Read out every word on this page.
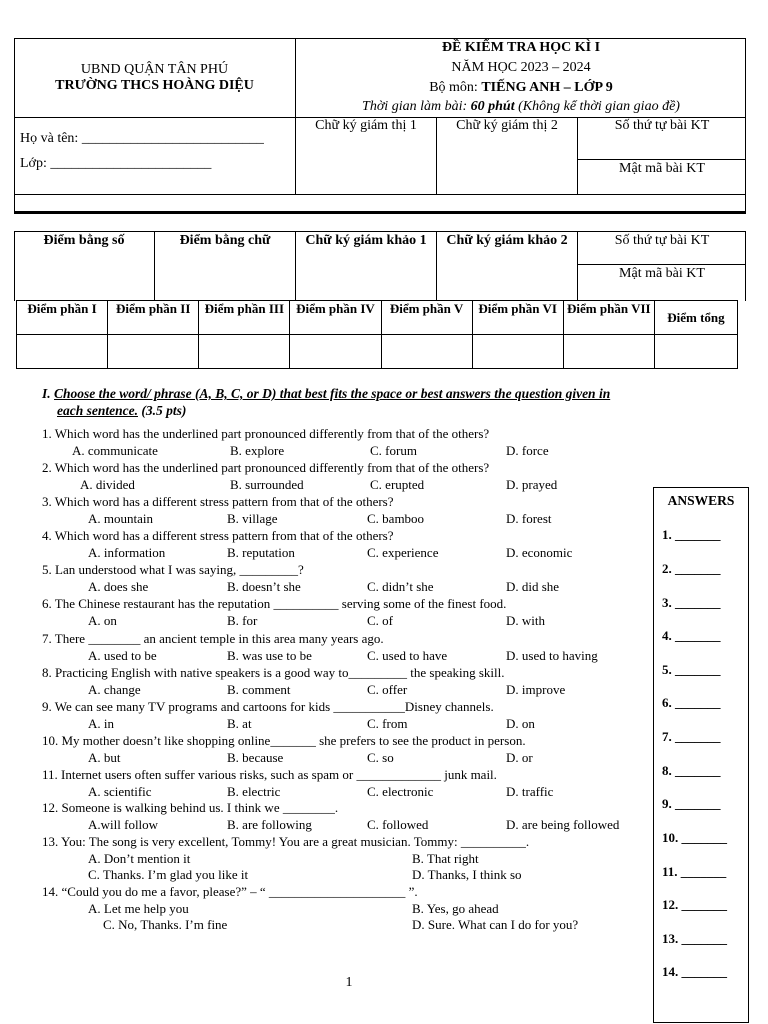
UBND QUẬN TÂN PHÚ
TRƯỜNG THCS HOÀNG DIỆU
ĐỀ KIỂM TRA HỌC KÌ I
NĂM HỌC 2023 – 2024
Bộ môn: TIẾNG ANH – LỚP 9
Thời gian làm bài: 60 phút (Không kể thời gian giao đề)
Họ và tên: __________________________
Lớp: _______________________
Chữ ký giám thị 1	Chữ ký giám thị 2	Số thứ tự bài KT
Mật mã bài KT
Điểm bằng số	Điểm bằng chữ	Chữ ký giám khảo 1	Chữ ký giám khảo 2	Số thứ tự bài KT
Mật mã bài KT
Điểm phần I	Điểm phần II	Điểm phần III	Điểm phần IV	Điểm phần V	Điểm phần VI	Điểm phần VII	Điểm tổng

I. Choose the word/ phrase (A, B, C, or D) that best fits the space or best answers the question given in
each sentence. (3.5 pts)
1. Which word has the underlined part pronounced differently from that of the others?
A. communicate	B. explore	C. forum	D. force
2. Which word has the underlined part pronounced differently from that of the others?
A. divided	B. surrounded	C. erupted	D. prayed
3. Which word has a different stress pattern from that of the others?
A. mountain	B. village	C. bamboo	D. forest
4. Which word has a different stress pattern from that of the others?
A. information	B. reputation	C. experience	D. economic
5. Lan understood what I was saying, _________?
A. does she	B. doesn’t she	C. didn’t she	D. did she
6. The Chinese restaurant has the reputation __________ serving some of the finest food.
A. on	B. for	C. of	D. with
7. There ________ an ancient temple in this area many years ago.
A. used to be	B. was use to be	C. used to have	D. used to having
8. Practicing English with native speakers is a good way to_________ the speaking skill.
A. change	B. comment	C. offer	D. improve
9. We can see many TV programs and cartoons for kids ___________Disney channels.
A. in	B. at	C. from	D. on
10. My mother doesn’t like shopping online_______ she prefers to see the product in person.
A. but	B. because	C. so	D. or
11. Internet users often suffer various risks, such as spam or _____________ junk mail.
A. scientific	B. electric	C. electronic	D. traffic
12. Someone is walking behind us. I think we ________.
A.will follow	B. are following	C. followed	D. are being followed
13. You: The song is very excellent, Tommy! You are a great musician. Tommy: __________.
A. Don’t mention it	B. That right
C. Thanks. I’m glad you like it	D. Thanks, I think so
14. “Could you do me a favor, please?” – “ _____________________ ”.
A. Let me help you	B. Yes, go ahead
C. No, Thanks. I’m fine	D. Sure. What can I do for you?
ANSWERS
1. _______
2. _______
3. _______
4. _______
5. _______
6. _______
7. _______
8. _______
9. _______
10. _______
11. _______
12. _______
13. _______
14. _______
1
